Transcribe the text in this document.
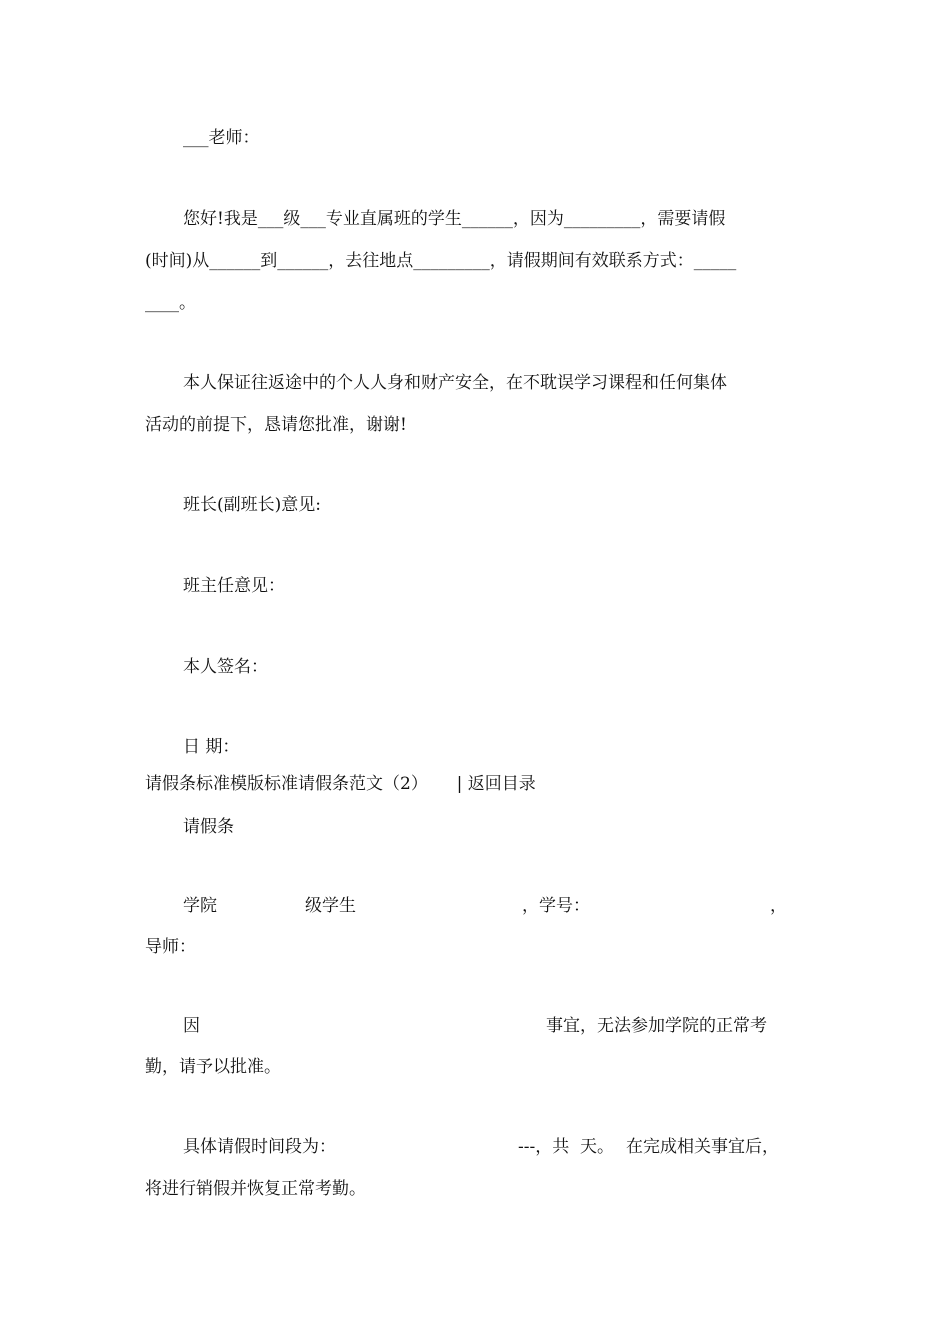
___老师：

您好!我是___级___专业直属班的学生______，因为_________，需要请假

(时间)从______到______，去往地点_________，请假期间有效联系方式：_____

____。

本人保证往返途中的个人人身和财产安全，在不耽误学习课程和任何集体

活动的前提下，恳请您批准，谢谢!

班长(副班长)意见:

班主任意见：

本人签名：

日 期：

请假条标准模版标准请假条范文（2） | 返回目录

请假条

学院	级学生	，学号：	，

导师：

因	事宜，无法参加学院的正常考

勤，请予以批准。

具体请假时间段为：	---，共  天。 在完成相关事宜后，

将进行销假并恢复正常考勤。
